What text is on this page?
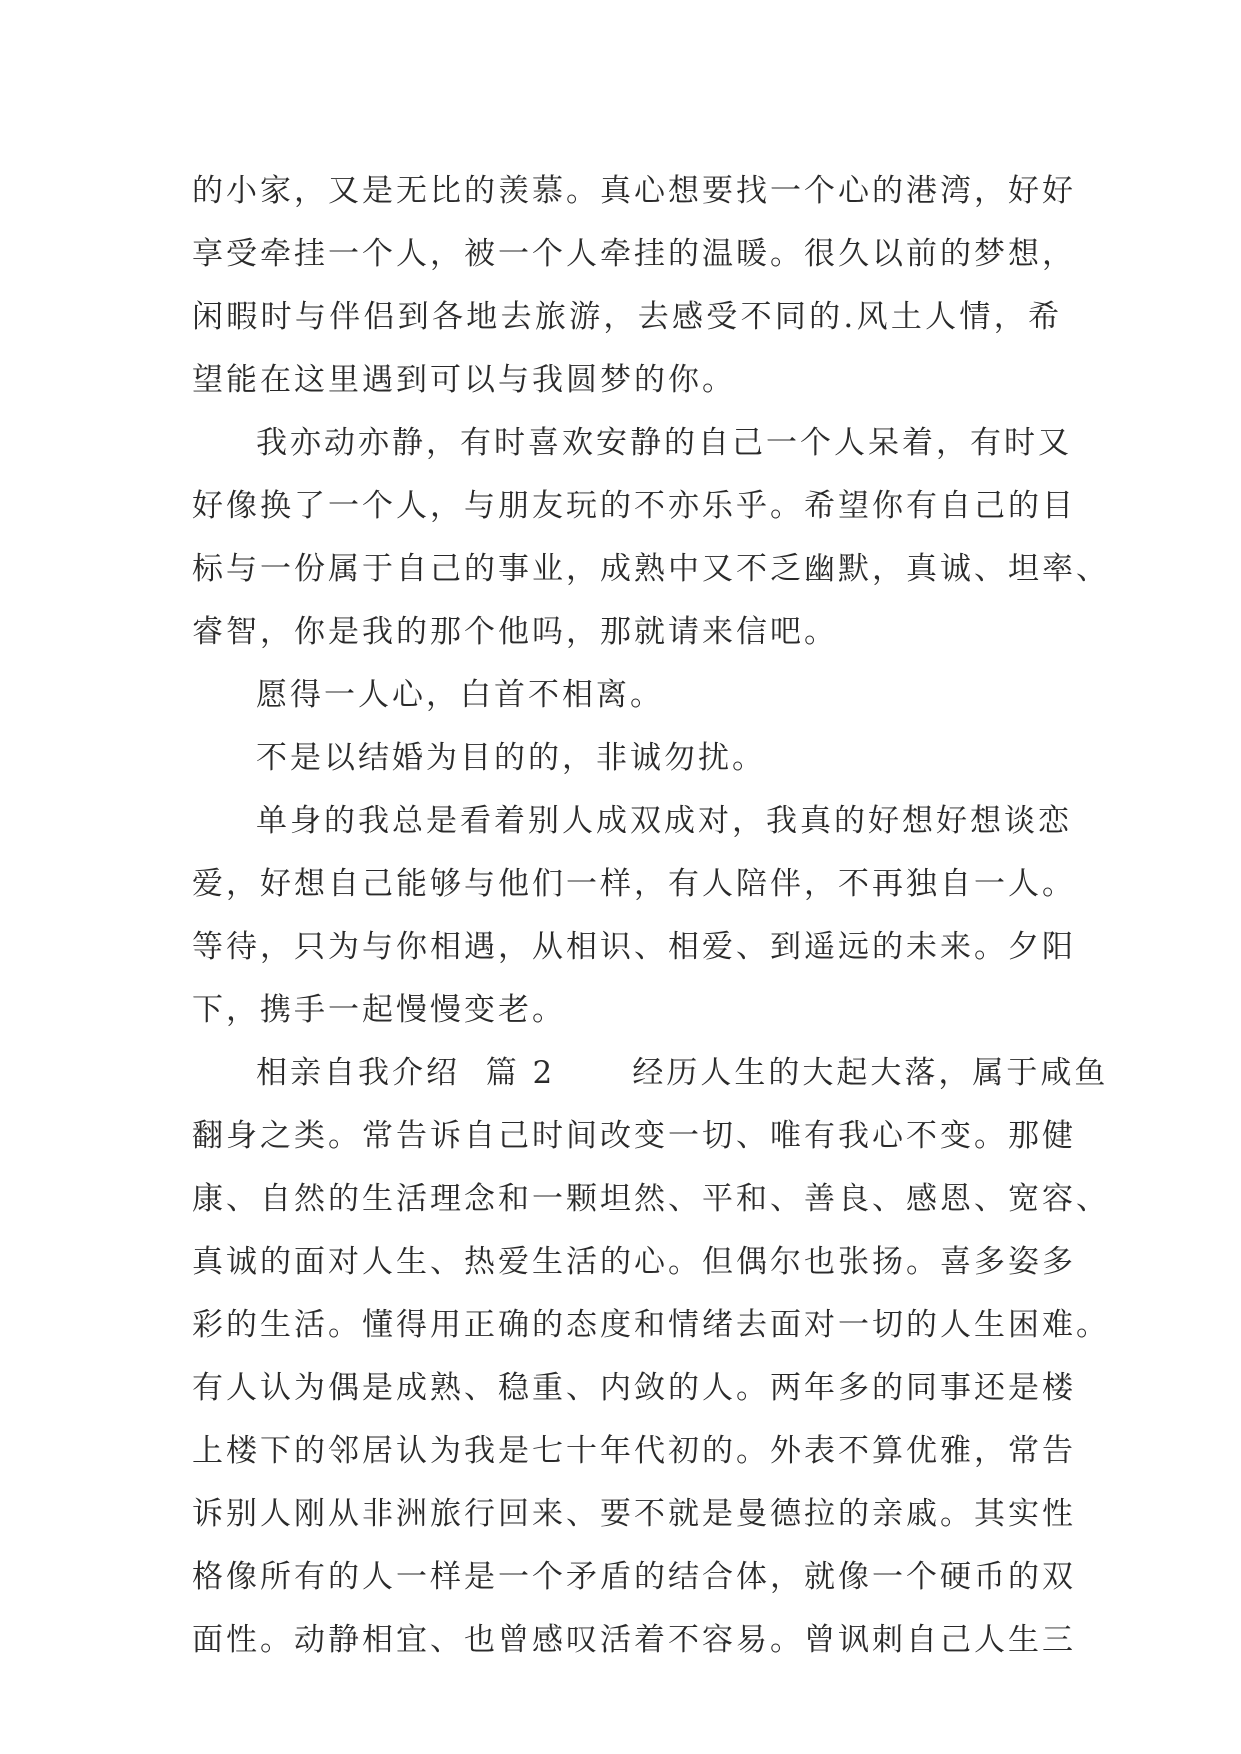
的小家，又是无比的羡慕。真心想要找一个心的港湾，好好
享受牵挂一个人，被一个人牵挂的温暖。很久以前的梦想，
闲暇时与伴侣到各地去旅游，去感受不同的.风土人情，希
望能在这里遇到可以与我圆梦的你。
我亦动亦静，有时喜欢安静的自己一个人呆着，有时又
好像换了一个人，与朋友玩的不亦乐乎。希望你有自己的目
标与一份属于自己的事业，成熟中又不乏幽默，真诚、坦率、
睿智，你是我的那个他吗，那就请来信吧。
愿得一人心，白首不相离。
不是以结婚为目的的，非诚勿扰。
单身的我总是看着别人成双成对，我真的好想好想谈恋
爱，好想自己能够与他们一样，有人陪伴，不再独自一人。
等待，只为与你相遇，从相识、相爱、到遥远的未来。夕阳
下，携手一起慢慢变老。
相亲自我介绍  篇 2      经历人生的大起大落，属于咸鱼
翻身之类。常告诉自己时间改变一切、唯有我心不变。那健
康、自然的生活理念和一颗坦然、平和、善良、感恩、宽容、
真诚的面对人生、热爱生活的心。但偶尔也张扬。喜多姿多
彩的生活。懂得用正确的态度和情绪去面对一切的人生困难。
有人认为偶是成熟、稳重、内敛的人。两年多的同事还是楼
上楼下的邻居认为我是七十年代初的。外表不算优雅，常告
诉别人刚从非洲旅行回来、要不就是曼德拉的亲戚。其实性
格像所有的人一样是一个矛盾的结合体，就像一个硬币的双
面性。动静相宜、也曾感叹活着不容易。曾讽刺自己人生三
